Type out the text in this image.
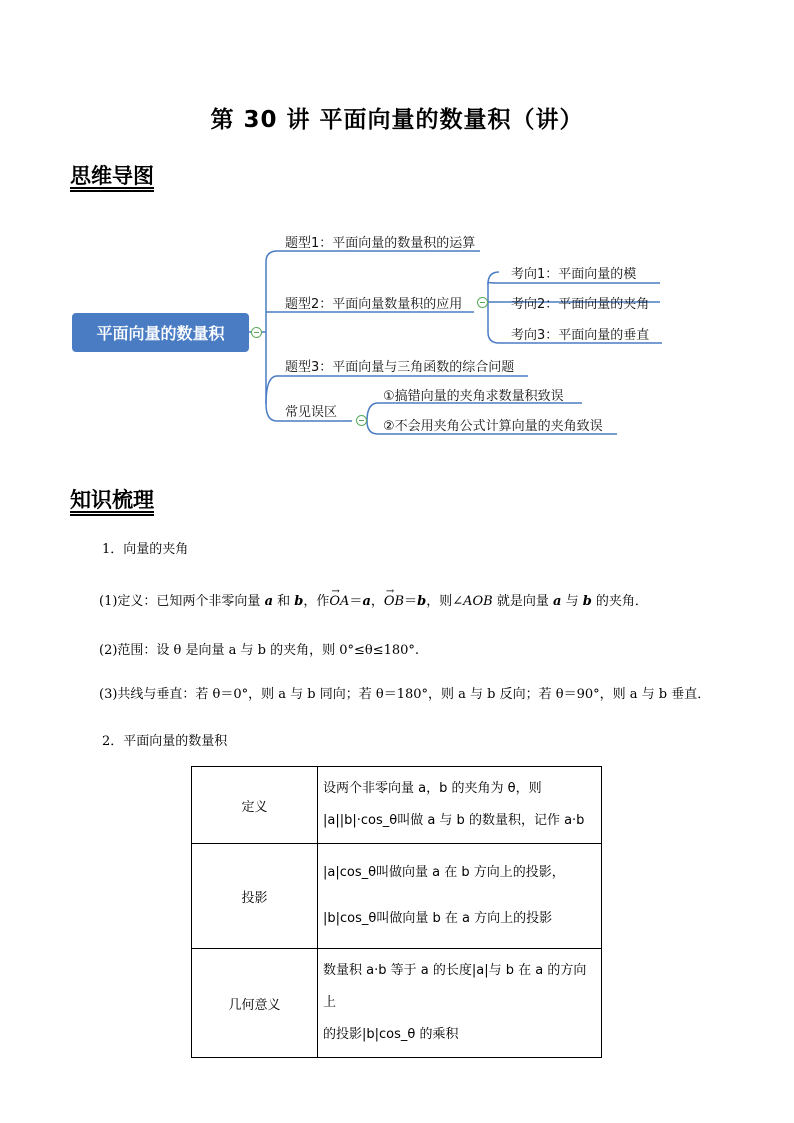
第 30 讲 平面向量的数量积（讲）
思维导图
平面向量的数量积
题型1：平面向量的数量积的运算
题型2：平面向量数量积的应用
考向1：平面向量的模
考向2：平面向量的夹角
考向3：平面向量的垂直
题型3：平面向量与三角函数的综合问题
常见误区
①搞错向量的夹角求数量积致误
②不会用夹角公式计算向量的夹角致误
知识梳理
1．向量的夹角
(1)定义：已知两个非零向量 a 和 b，作OA
→
＝a，OB
→
＝b，则∠AOB 就是向量 a 与 b 的夹角．
(2)范围：设 θ 是向量 a 与 b 的夹角，则 0°≤θ≤180°.
(3)共线与垂直：若 θ＝0°，则 a 与 b 同向；若 θ＝180°，则 a 与 b 反向；若 θ＝90°，则 a 与 b 垂直．
2．平面向量的数量积
定义	设两个非零向量 a，b 的夹角为 θ，则
|a||b|·cos_θ叫做 a 与 b 的数量积，记作 a·b

投影	|a|cos_θ叫做向量 a 在 b 方向上的投影，
|b|cos_θ叫做向量 b 在 a 方向上的投影

几何意义	数量积 a·b 等于 a 的长度|a|与 b 在 a 的方向上
的投影|b|cos_θ 的乘积
